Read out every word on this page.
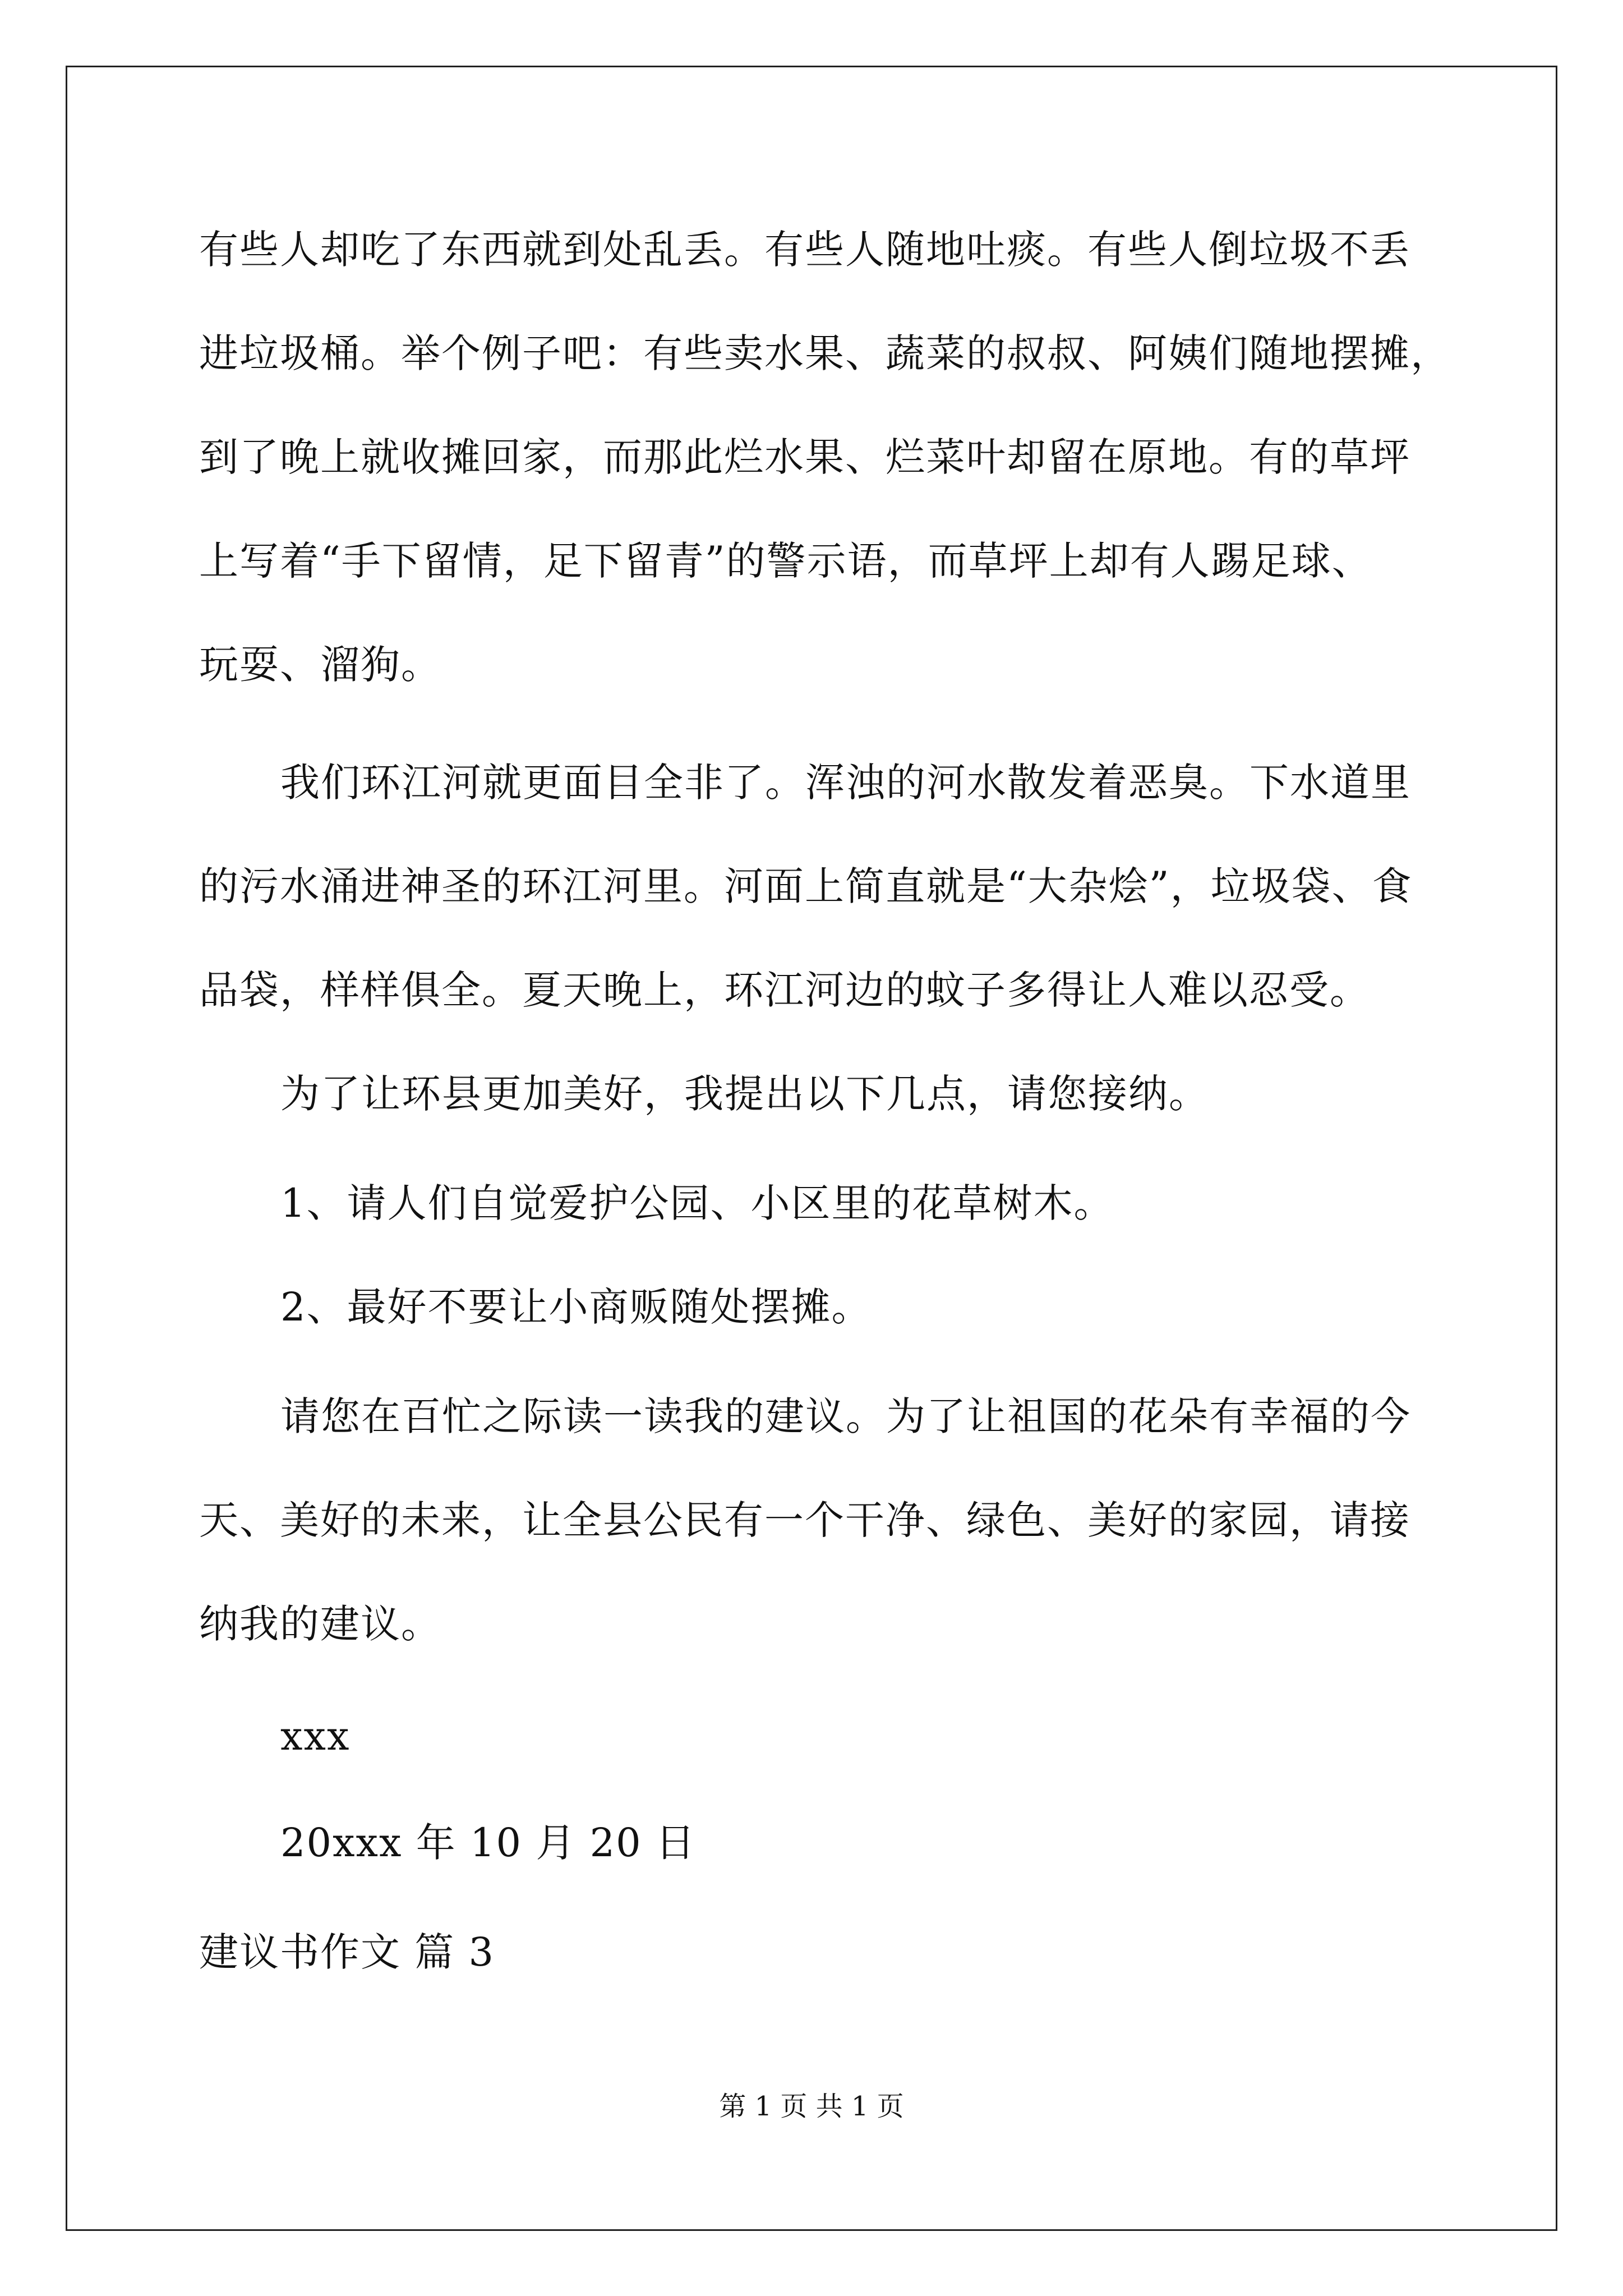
有些人却吃了东西就到处乱丢。有些人随地吐痰。有些人倒垃圾不丢
进垃圾桶。举个例子吧：有些卖水果、蔬菜的叔叔、阿姨们随地摆摊，
到了晚上就收摊回家，而那此烂水果、烂菜叶却留在原地。有的草坪
上写着“手下留情，足下留青”的警示语，而草坪上却有人踢足球、
玩耍、溜狗。
我们环江河就更面目全非了。浑浊的河水散发着恶臭。下水道里
的污水涌进神圣的环江河里。河面上简直就是“大杂烩”，垃圾袋、食
品袋，样样俱全。夏天晚上，环江河边的蚊子多得让人难以忍受。
为了让环县更加美好，我提出以下几点，请您接纳。
1、请人们自觉爱护公园、小区里的花草树木。
2、最好不要让小商贩随处摆摊。
请您在百忙之际读一读我的建议。为了让祖国的花朵有幸福的今
天、美好的未来，让全县公民有一个干净、绿色、美好的家园，请接
纳我的建议。
xxx
20xxx 年 10 月 20 日
建议书作文 篇 3
第 1 页 共 1 页
